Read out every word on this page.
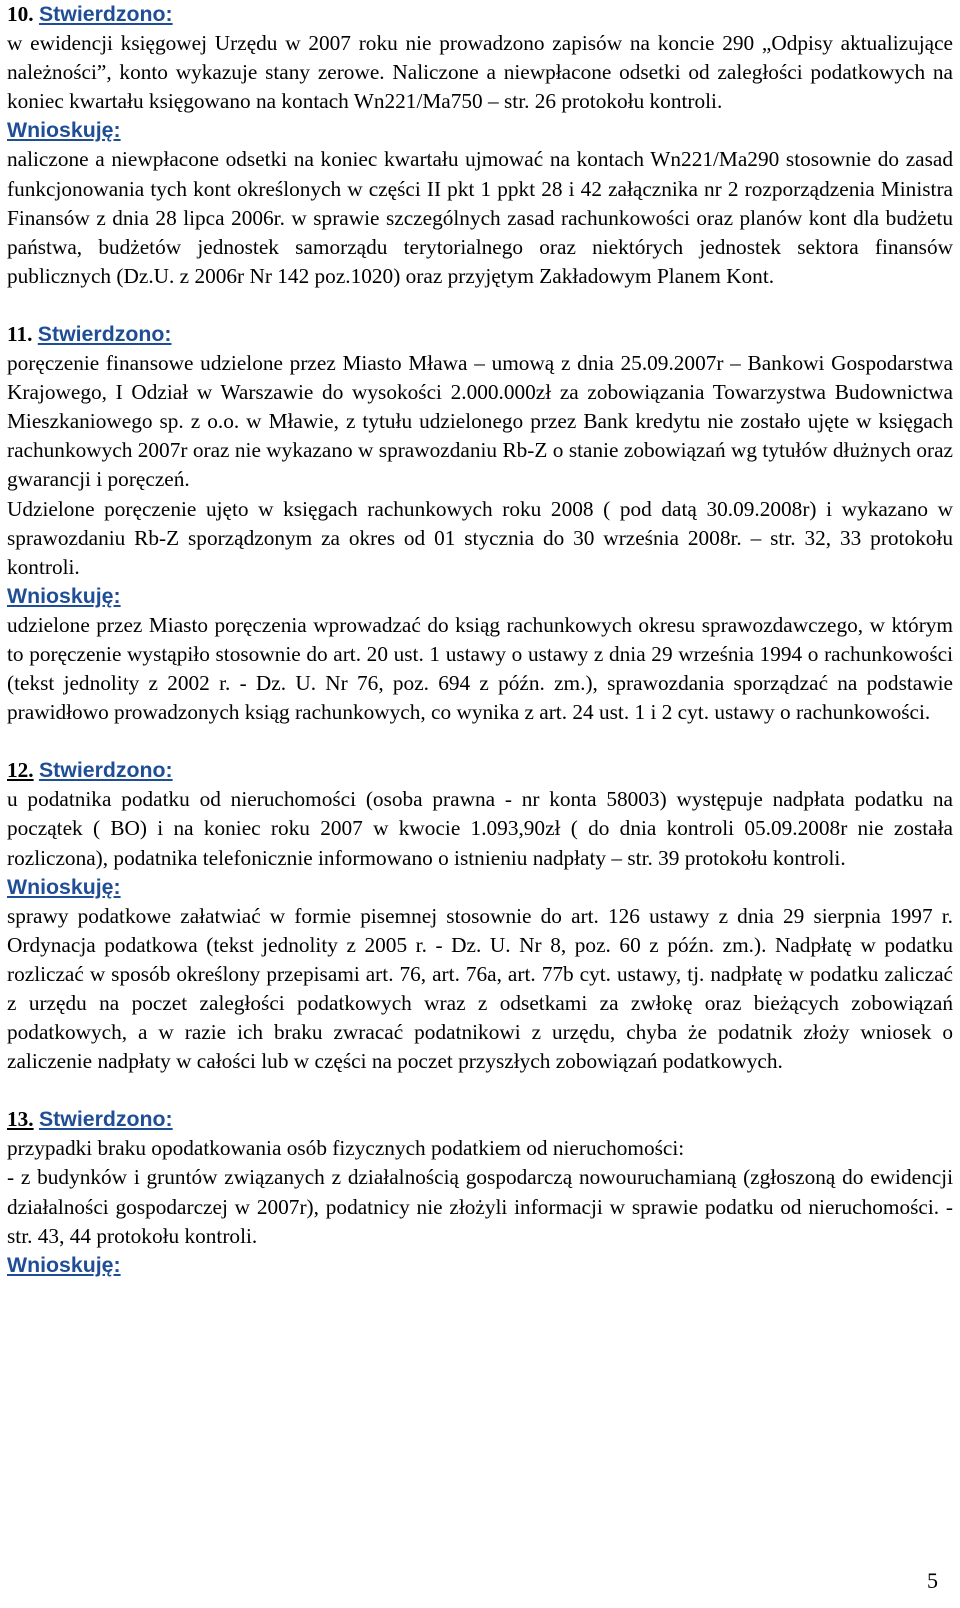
10. Stwierdzono:
w ewidencji księgowej Urzędu w 2007 roku nie prowadzono zapisów na koncie 290 „Odpisy aktualizujące należności”, konto wykazuje stany zerowe. Naliczone a niewpłacone odsetki od zaległości podatkowych na koniec kwartału księgowano na kontach Wn221/Ma750 – str. 26 protokołu kontroli.
Wnioskuję:
naliczone a niewpłacone odsetki na koniec kwartału ujmować na kontach Wn221/Ma290 stosownie do zasad funkcjonowania tych kont określonych w części II pkt 1 ppkt 28 i 42 załącznika nr 2 rozporządzenia Ministra Finansów z dnia 28 lipca 2006r. w sprawie szczególnych zasad rachunkowości oraz planów kont dla budżetu państwa, budżetów jednostek samorządu terytorialnego oraz niektórych jednostek sektora finansów publicznych (Dz.U. z 2006r Nr 142 poz.1020) oraz przyjętym Zakładowym Planem Kont.
11. Stwierdzono:
poręczenie finansowe udzielone przez Miasto Mława – umową z dnia 25.09.2007r – Bankowi Gospodarstwa Krajowego, I Odział w Warszawie do wysokości 2.000.000zł za zobowiązania Towarzystwa Budownictwa Mieszkaniowego sp. z o.o. w Mławie, z tytułu udzielonego przez Bank kredytu nie zostało ujęte w księgach rachunkowych 2007r oraz nie wykazano w sprawozdaniu Rb-Z o stanie zobowiązań wg tytułów dłużnych oraz gwarancji i poręczeń.
Udzielone poręczenie ujęto w księgach rachunkowych roku 2008 ( pod datą 30.09.2008r) i wykazano w sprawozdaniu Rb-Z sporządzonym za okres od 01 stycznia do 30 września 2008r. – str. 32, 33 protokołu kontroli.
Wnioskuję:
udzielone przez Miasto poręczenia wprowadzać do ksiąg rachunkowych okresu sprawozdawczego, w którym to poręczenie wystąpiło stosownie do art. 20 ust. 1 ustawy o ustawy z dnia 29 września 1994 o rachunkowości (tekst jednolity z 2002 r. - Dz. U. Nr 76, poz. 694 z późn. zm.), sprawozdania sporządzać na podstawie prawidłowo prowadzonych ksiąg rachunkowych, co wynika z art. 24 ust. 1 i 2 cyt. ustawy o rachunkowości.
12. Stwierdzono:
u podatnika podatku od nieruchomości (osoba prawna - nr konta 58003) występuje nadpłata podatku na początek ( BO) i na koniec roku 2007 w kwocie 1.093,90zł ( do dnia kontroli 05.09.2008r nie została rozliczona), podatnika telefonicznie informowano o istnieniu nadpłaty – str. 39 protokołu kontroli.
Wnioskuję:
sprawy podatkowe załatwiać w formie pisemnej stosownie do art. 126 ustawy z dnia 29 sierpnia 1997 r. Ordynacja podatkowa (tekst jednolity z 2005 r. - Dz. U. Nr 8, poz. 60 z późn. zm.). Nadpłatę w podatku rozliczać w sposób określony przepisami art. 76, art. 76a, art. 77b cyt. ustawy, tj. nadpłatę w podatku zaliczać z urzędu na poczet zaległości podatkowych wraz z odsetkami za zwłokę oraz bieżących zobowiązań podatkowych, a w razie ich braku zwracać podatnikowi z urzędu, chyba że podatnik złoży wniosek o zaliczenie nadpłaty w całości lub w części na poczet przyszłych zobowiązań podatkowych.
13. Stwierdzono:
przypadki braku opodatkowania osób fizycznych podatkiem od nieruchomości:
- z budynków i gruntów związanych z działalnością gospodarczą nowouruchamianą (zgłoszoną do ewidencji działalności gospodarczej w 2007r), podatnicy nie złożyli informacji w sprawie podatku od nieruchomości. - str. 43, 44 protokołu kontroli.
Wnioskuję:
5
